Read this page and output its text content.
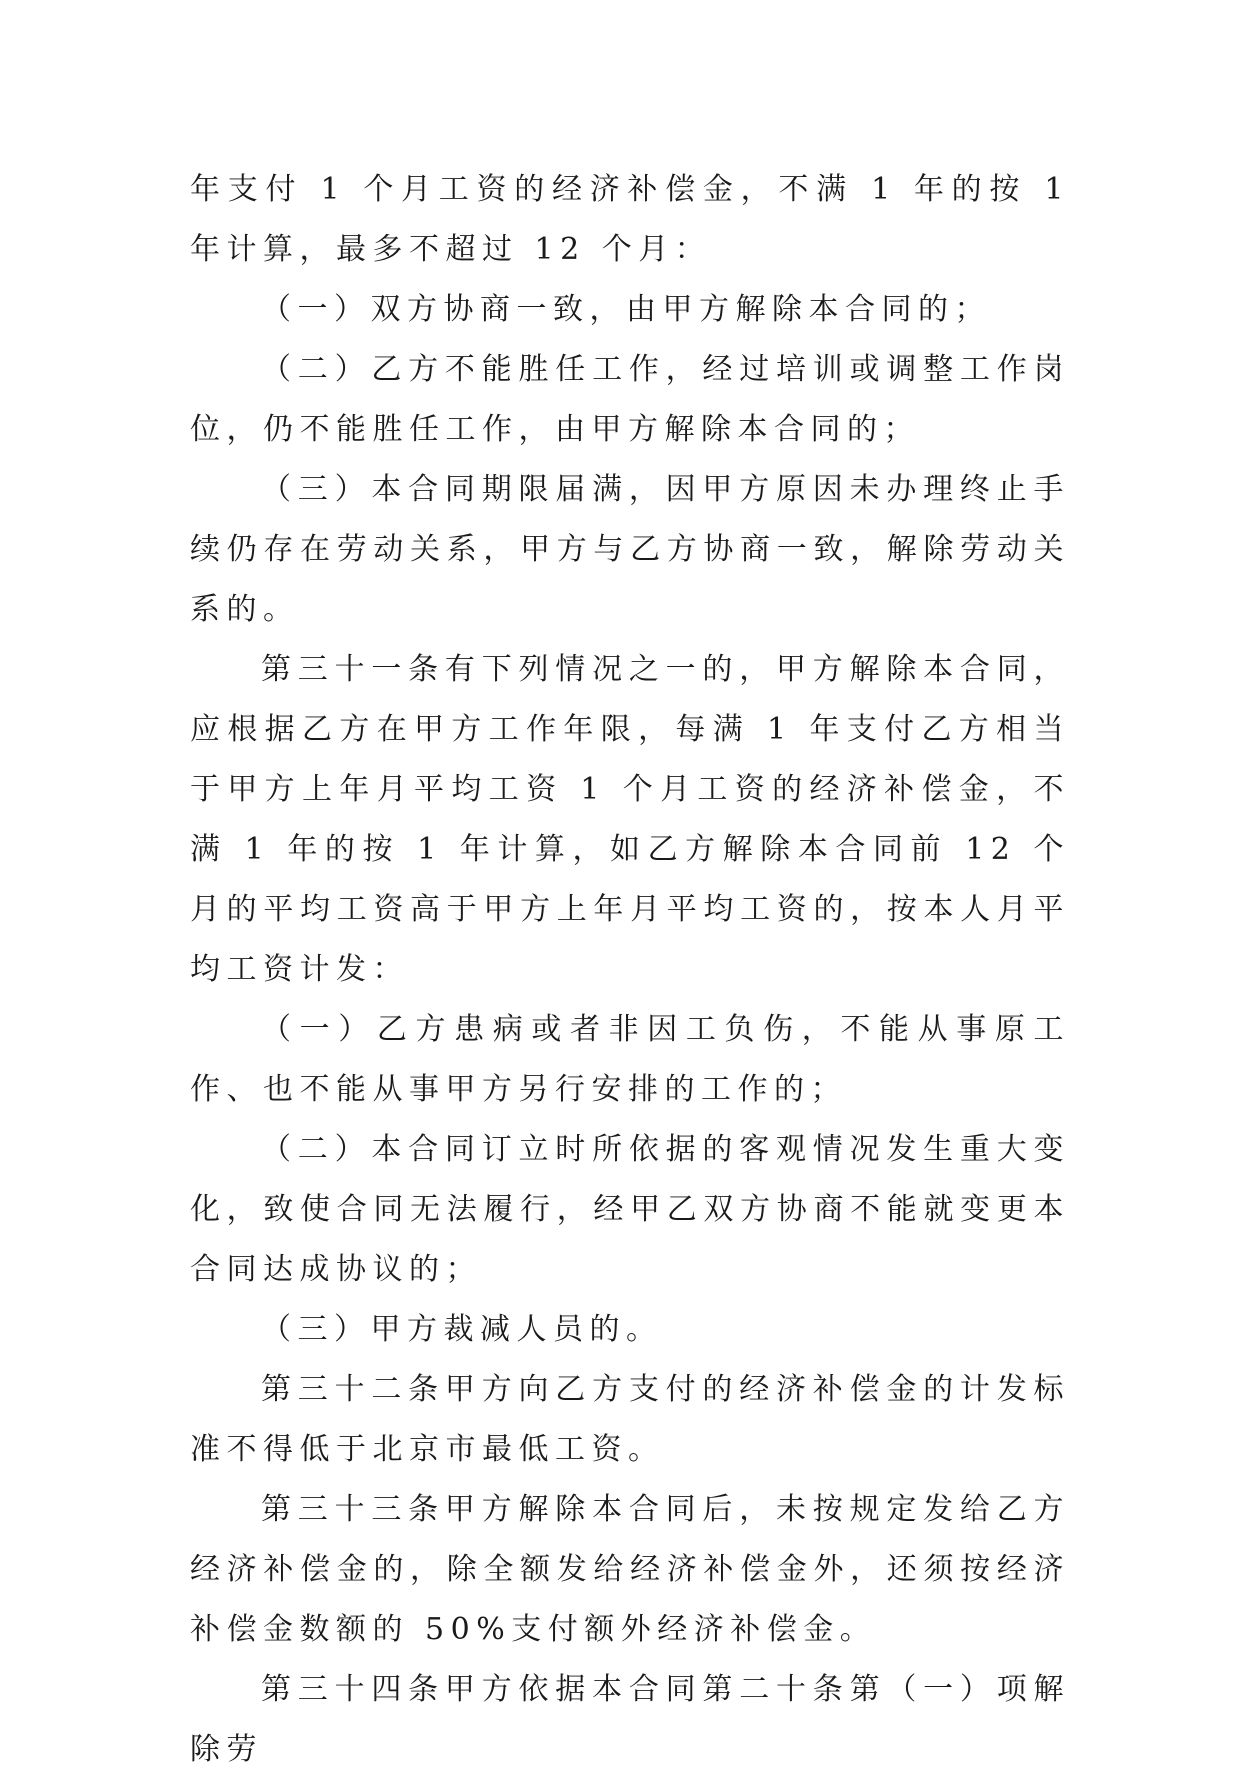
年支付 1 个月工资的经济补偿金，不满 1 年的按 1 年计算，最多不超过 12 个月：

（一）双方协商一致，由甲方解除本合同的；

（二）乙方不能胜任工作，经过培训或调整工作岗位，仍不能胜任工作，由甲方解除本合同的；

（三）本合同期限届满，因甲方原因未办理终止手续仍存在劳动关系，甲方与乙方协商一致，解除劳动关系的。

第三十一条有下列情况之一的，甲方解除本合同，应根据乙方在甲方工作年限，每满 1 年支付乙方相当于甲方上年月平均工资 1 个月工资的经济补偿金，不满 1 年的按 1 年计算，如乙方解除本合同前 12 个月的平均工资高于甲方上年月平均工资的，按本人月平均工资计发：

（一）乙方患病或者非因工负伤，不能从事原工作、也不能从事甲方另行安排的工作的；

（二）本合同订立时所依据的客观情况发生重大变化，致使合同无法履行，经甲乙双方协商不能就变更本合同达成协议的；

（三）甲方裁减人员的。

第三十二条甲方向乙方支付的经济补偿金的计发标准不得低于北京市最低工资。

第三十三条甲方解除本合同后，未按规定发给乙方经济补偿金的，除全额发给经济补偿金外，还须按经济补偿金数额的 50%支付额外经济补偿金。

第三十四条甲方依据本合同第二十条第（一）项解除劳
